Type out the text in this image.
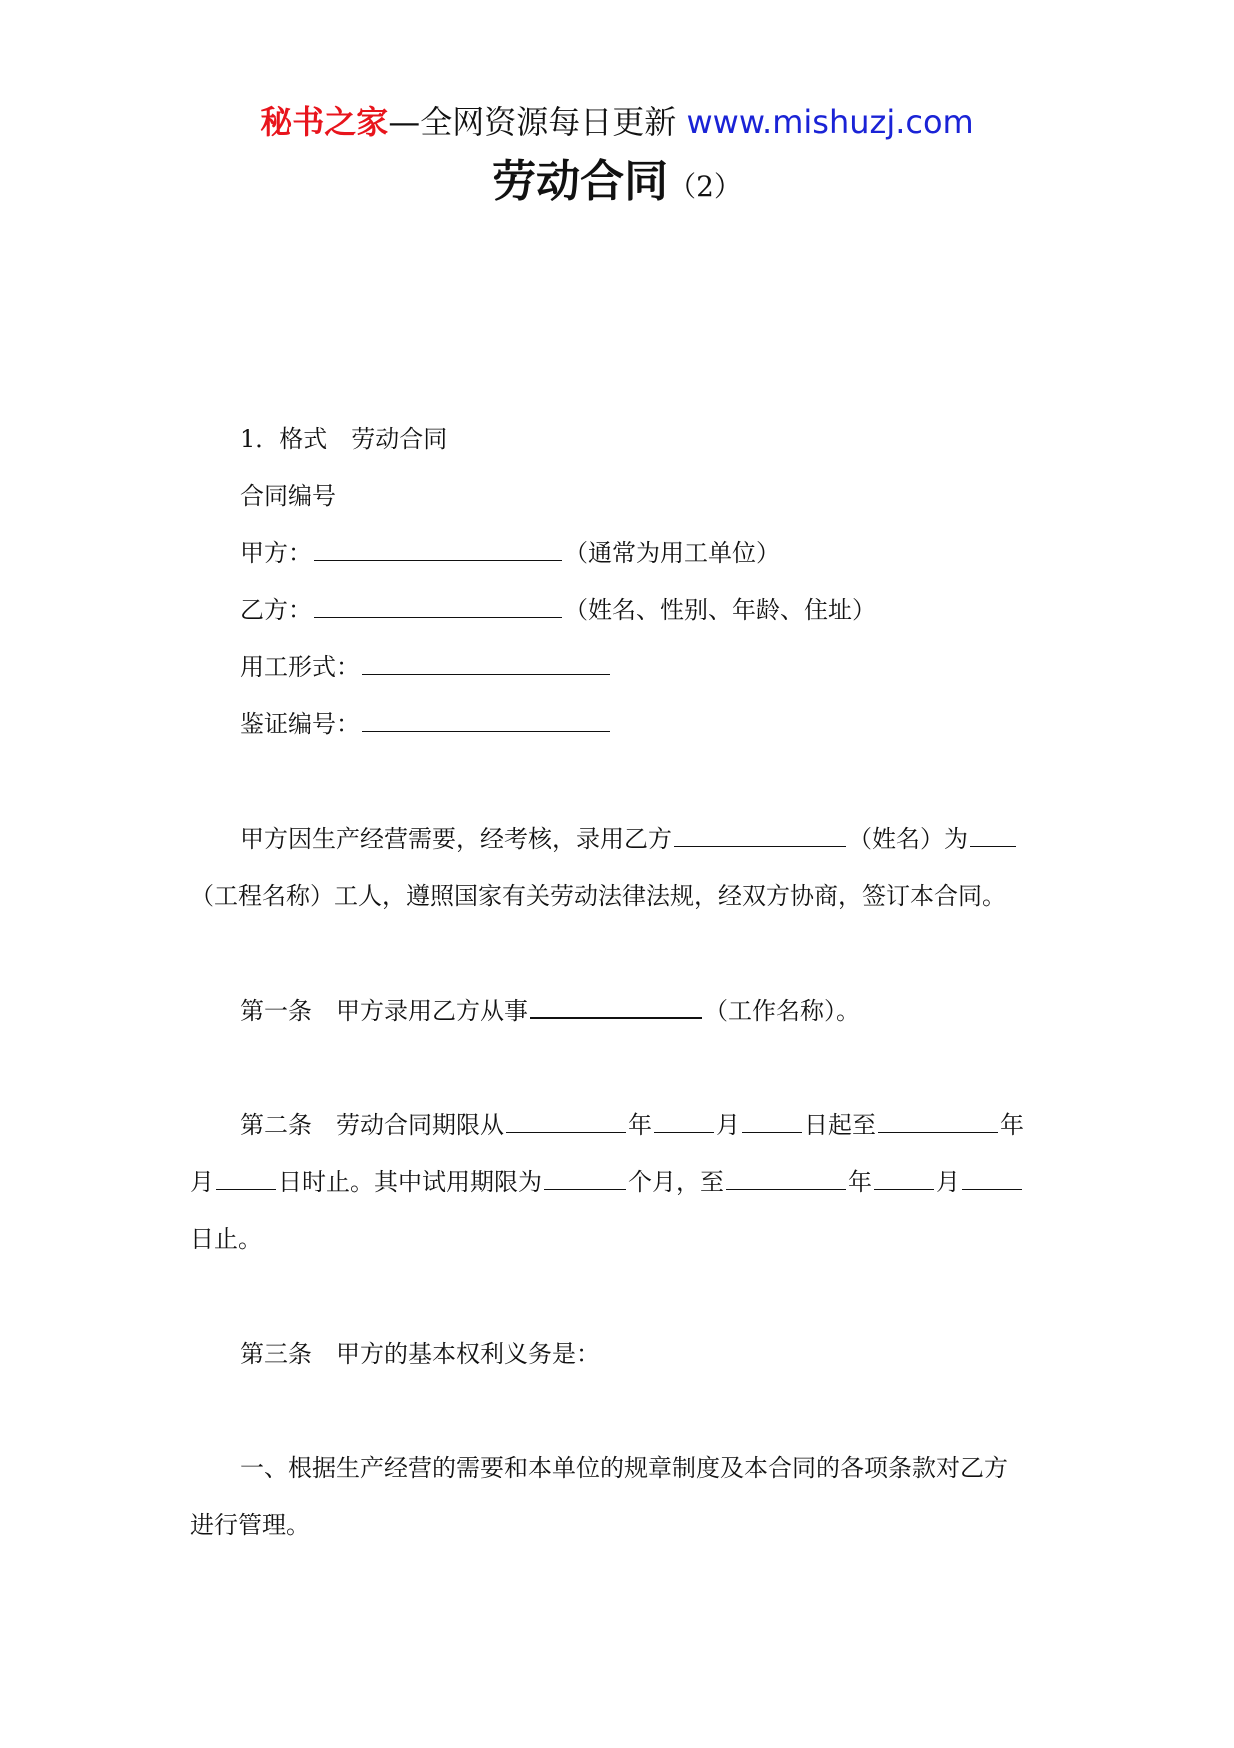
秘书之家—全网资源每日更新 www.mishuzj.com
劳动合同（2）
1．格式　劳动合同
合同编号
甲方：	（通常为用工单位）
乙方：	（姓名、性别、年龄、住址）
用工形式：
鉴证编号：
甲方因生产经营需要，经考核，录用乙方	（姓名）为
（工程名称）工人，遵照国家有关劳动法律法规，经双方协商，签订本合同。
第一条　甲方录用乙方从事	（工作名称）。
第二条　劳动合同期限从	年	月	日起至	年
月	日时止。其中试用期限为	个月，至	年	月
日止。
第三条　甲方的基本权利义务是：
一、根据生产经营的需要和本单位的规章制度及本合同的各项条款对乙方
进行管理。
